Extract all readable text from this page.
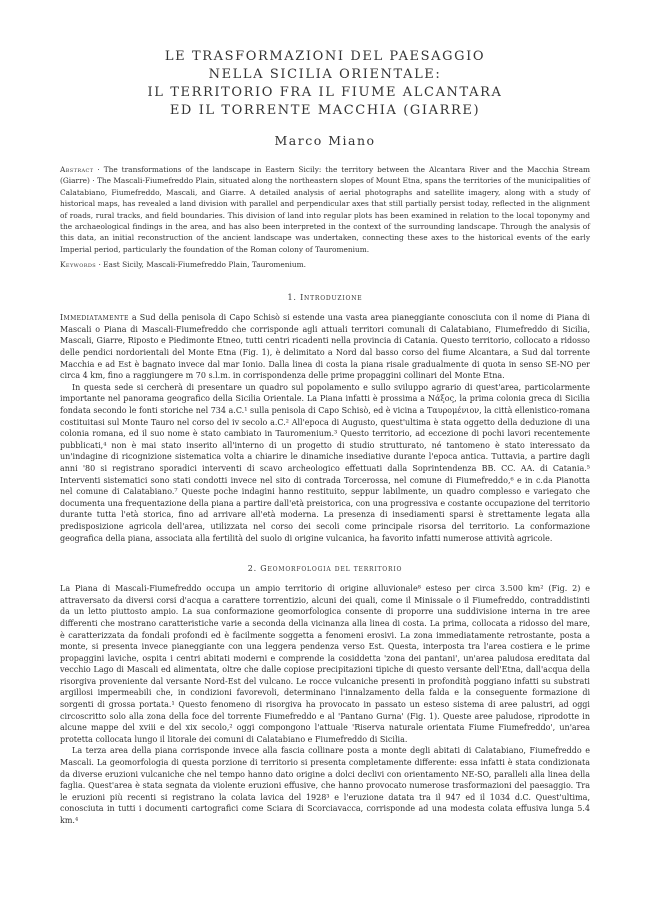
LE TRASFORMAZIONI DEL PAESAGGIO

NELLA SICILIA ORIENTALE:

IL TERRITORIO FRA IL FIUME ALCANTARA

ED IL TORRENTE MACCHIA (GIARRE)

Marco Miano
Abstract · The transformations of the landscape in Eastern Sicily: the territory between the Alcantara River and the Macchia Stream (Giarre) · The Mascali-Fiumefreddo Plain, situated along the northeastern slopes of Mount Etna, spans the territories of the municipalities of Calatabiano, Fiumefreddo, Mascali, and Giarre. A detailed analysis of aerial photographs and satellite imagery, along with a study of historical maps, has revealed a land division with parallel and perpendicular axes that still partially persist today, reflected in the alignment of roads, rural tracks, and field boundaries. This division of land into regular plots has been examined in relation to the local toponymy and the archaeological findings in the area, and has also been interpreted in the context of the surrounding landscape. Through the analysis of this data, an initial reconstruction of the ancient landscape was undertaken, connecting these axes to the historical events of the early Imperial period, particularly the foundation of the Roman colony of Tauromenium.
Keywords · East Sicily, Mascali-Fiumefreddo Plain, Tauromenium.
1. Introduzione

Immediatamente a Sud della penisola di Capo Schisò si estende una vasta area pianeggiante conosciuta con il nome di Piana di Mascali o Piana di Mascali-Fiumefreddo che corrisponde agli attuali territori comunali di Calatabiano, Fiumefreddo di Sicilia, Mascali, Giarre, Riposto e Piedimonte Etneo, tutti centri ricadenti nella provincia di Catania. Questo territorio, collocato a ridosso delle pendici nordorientali del Monte Etna (Fig. 1), è delimitato a Nord dal basso corso del fiume Alcantara, a Sud dal torrente Macchia e ad Est è bagnato invece dal mar Ionio. Dalla linea di costa la piana risale gradualmente di quota in senso SE-NO per circa 4 km, fino a raggiungere m 70 s.l.m. in corrispondenza delle prime propaggini collinari del Monte Etna.

In questa sede si cercherà di presentare un quadro sul popolamento e sullo sviluppo agrario di quest'area, particolarmente importante nel panorama geografico della Sicilia Orientale. La Piana infatti è prossima a Νάξος, la prima colonia greca di Sicilia fondata secondo le fonti storiche nel 734 a.C.¹ sulla penisola di Capo Schisò, ed è vicina a Ταυρομένιον, la città ellenistico-romana costituitasi sul Monte Tauro nel corso del iv secolo a.C.² All'epoca di Augusto, quest'ultima è stata oggetto della deduzione di una colonia romana, ed il suo nome è stato cambiato in Tauromenium.³ Questo territorio, ad eccezione di pochi lavori recentemente pubblicati,⁴ non è mai stato inserito all'interno di un progetto di studio strutturato, né tantomeno è stato interessato da un'indagine di ricognizione sistematica volta a chiarire le dinamiche insediative durante l'epoca antica. Tuttavia, a partire dagli anni '80 si registrano sporadici interventi di scavo archeologico effettuati dalla Soprintendenza BB. CC. AA. di Catania.⁵ Interventi sistematici sono stati condotti invece nel sito di contrada Torcerossa, nel comune di Fiumefreddo,⁶ e in c.da Pianotta nel comune di Calatabiano.⁷ Queste poche indagini hanno restituito, seppur labilmente, un quadro complesso e variegato che documenta una frequentazione della piana a partire dall'età preistorica, con una progressiva e costante occupazione del territorio durante tutta l'età storica, fino ad arrivare all'età moderna. La presenza di insediamenti sparsi è strettamente legata alla predisposizione agricola dell'area, utilizzata nel corso dei secoli come principale risorsa del territorio. La conformazione geografica della piana, associata alla fertilità del suolo di origine vulcanica, ha favorito infatti numerose attività agricole.

2. Geomorfologia del territorio

La Piana di Mascali-Fiumefreddo occupa un ampio territorio di origine alluvionale⁸ esteso per circa 3.500 km² (Fig. 2) e attraversato da diversi corsi d'acqua a carattere torrentizio, alcuni dei quali, come il Minissale o il Fiumefreddo, contraddistinti da un letto piuttosto ampio. La sua conformazione geomorfologica consente di proporre una suddivisione interna in tre aree differenti che mostrano caratteristiche varie a seconda della vicinanza alla linea di costa. La prima, collocata a ridosso del mare, è caratterizzata da fondali profondi ed è facilmente soggetta a fenomeni erosivi. La zona immediatamente retrostante, posta a monte, si presenta invece pianeggiante con una leggera pendenza verso Est. Questa, interposta tra l'area costiera e le prime propaggini laviche, ospita i centri abitati moderni e comprende la cosiddetta 'zona dei pantani', un'area paludosa ereditata dal vecchio Lago di Mascali ed alimentata, oltre che dalle copiose precipitazioni tipiche di questo versante dell'Etna, dall'acqua della risorgiva proveniente dal versante Nord-Est del vulcano. Le rocce vulcaniche presenti in profondità poggiano infatti su substrati argillosi impermeabili che, in condizioni favorevoli, determinano l'innalzamento della falda e la conseguente formazione di sorgenti di grossa portata.¹ Questo fenomeno di risorgiva ha provocato in passato un esteso sistema di aree palustri, ad oggi circoscritto solo alla zona della foce del torrente Fiumefreddo e al 'Pantano Gurna' (Fig. 1). Queste aree paludose, riprodotte in alcune mappe del xviii e del xix secolo,² oggi compongono l'attuale 'Riserva naturale orientata Fiume Fiumefreddo', un'area protetta collocata lungo il litorale dei comuni di Calatabiano e Fiumefreddo di Sicilia.

La terza area della piana corrisponde invece alla fascia collinare posta a monte degli abitati di Calatabiano, Fiumefreddo e Mascali. La geomorfologia di questa porzione di territorio si presenta completamente differente: essa infatti è stata condizionata da diverse eruzioni vulcaniche che nel tempo hanno dato origine a dolci declivi con orientamento NE-SO, paralleli alla linea della faglia. Quest'area è stata segnata da violente eruzioni effusive, che hanno provocato numerose trasformazioni del paesaggio. Tra le eruzioni più recenti si registrano la colata lavica del 1928³ e l'eruzione datata tra il 947 ed il 1034 d.C. Quest'ultima, conosciuta in tutti i documenti cartografici come Sciara di Scorciavacca, corrisponde ad una modesta colata effusiva lunga 5.4 km.⁴
